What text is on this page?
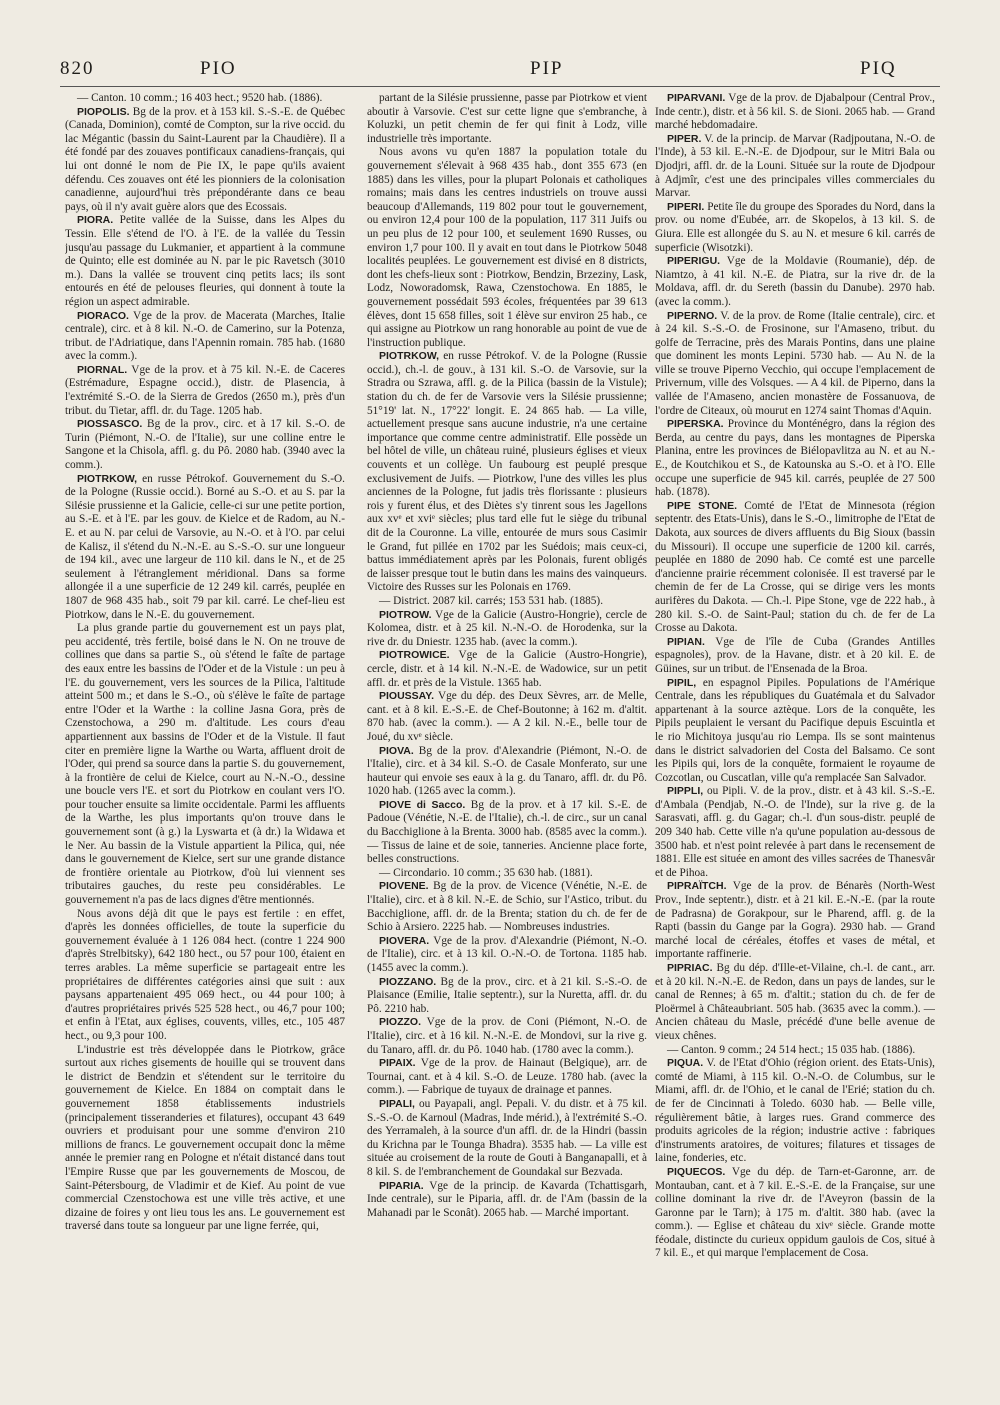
820	PIO	PIP	PIQ

— Canton. 10 comm.; 16 403 hect.; 9520 hab. (1886).

PIOPOLIS. Bg de la prov. et à 153 kil. S.-S.-E. de Québec (Canada, Dominion), comté de Compton, sur la rive occid. du lac Mégantic (bassin du Saint-Laurent par la Chaudière). Il a été fondé par des zouaves pontificaux canadiens-français, qui lui ont donné le nom de Pie IX, le pape qu'ils avaient défendu. Ces zouaves ont été les pionniers de la colonisation canadienne, aujourd'hui très prépondérante dans ce beau pays, où il n'y avait guère alors que des Ecossais.

PIORA. Petite vallée de la Suisse, dans les Alpes du Tessin. Elle s'étend de l'O. à l'E. de la vallée du Tessin jusqu'au passage du Lukmanier, et appartient à la commune de Quinto; elle est dominée au N. par le pic Ravetsch (3010 m.). Dans la vallée se trouvent cinq petits lacs; ils sont entourés en été de pelouses fleuries, qui donnent à toute la région un aspect admirable.

PIORACO. Vge de la prov. de Macerata (Marches, Italie centrale), circ. et à 8 kil. N.-O. de Camerino, sur la Potenza, tribut. de l'Adriatique, dans l'Apennin romain. 785 hab. (1680 avec la comm.).

PIORNAL. Vge de la prov. et à 75 kil. N.-E. de Caceres (Estrémadure, Espagne occid.), distr. de Plasencia, à l'extrémité S.-O. de la Sierra de Gredos (2650 m.), près d'un tribut. du Tietar, affl. dr. du Tage. 1205 hab.

PIOSSASCO. Bg de la prov., circ. et à 17 kil. S.-O. de Turin (Piémont, N.-O. de l'Italie), sur une colline entre le Sangone et la Chisola, affl. g. du Pô. 2080 hab. (3940 avec la comm.).

PIOTRKOW, en russe Pétrokof. Gouvernement du S.-O. de la Pologne (Russie occid.). Borné au S.-O. et au S. par la Silésie prussienne et la Galicie, celle-ci sur une petite portion, au S.-E. et à l'E. par les gouv. de Kielce et de Radom, au N.-E. et au N. par celui de Varsovie, au N.-O. et à l'O. par celui de Kalisz, il s'étend du N.-N.-E. au S.-S.-O. sur une longueur de 194 kil., avec une largeur de 110 kil. dans le N., et de 25 seulement à l'étranglement méridional. Dans sa forme allongée il a une superficie de 12 249 kil. carrés, peuplée en 1807 de 968 435 hab., soit 79 par kil. carré. Le chef-lieu est Piotrkow, dans le N.-E. du gouvernement.

La plus grande partie du gouvernement est un pays plat, peu accidenté, très fertile, boisé dans le N. On ne trouve de collines que dans sa partie S., où s'étend le faîte de partage des eaux entre les bassins de l'Oder et de la Vistule : un peu à l'E. du gouvernement, vers les sources de la Pilica, l'altitude atteint 500 m.; et dans le S.-O., où s'élève le faîte de partage entre l'Oder et la Warthe : la colline Jasna Gora, près de Czenstochowa, a 290 m. d'altitude. Les cours d'eau appartiennent aux bassins de l'Oder et de la Vistule. Il faut citer en première ligne la Warthe ou Warta, affluent droit de l'Oder, qui prend sa source dans la partie S. du gouvernement, à la frontière de celui de Kielce, court au N.-N.-O., dessine une boucle vers l'E. et sort du Piotrkow en coulant vers l'O. pour toucher ensuite sa limite occidentale. Parmi les affluents de la Warthe, les plus importants qu'on trouve dans le gouvernement sont (à g.) la Lyswarta et (à dr.) la Widawa et le Ner. Au bassin de la Vistule appartient la Pilica, qui, née dans le gouvernement de Kielce, sert sur une grande distance de frontière orientale au Piotrkow, d'où lui viennent ses tributaires gauches, du reste peu considérables. Le gouvernement n'a pas de lacs dignes d'être mentionnés.

Nous avons déjà dit que le pays est fertile : en effet, d'après les données officielles, de toute la superficie du gouvernement évaluée à 1 126 084 hect. (contre 1 224 900 d'après Strelbitsky), 642 180 hect., ou 57 pour 100, étaient en terres arables. La même superficie se partageait entre les propriétaires de différentes catégories ainsi que suit : aux paysans appartenaient 495 069 hect., ou 44 pour 100; à d'autres propriétaires privés 525 528 hect., ou 46,7 pour 100; et enfin à l'Etat, aux églises, couvents, villes, etc., 105 487 hect., ou 9,3 pour 100.

L'industrie est très développée dans le Piotrkow, grâce surtout aux riches gisements de houille qui se trouvent dans le district de Bendzin et s'étendent sur le territoire du gouvernement de Kielce. En 1884 on comptait dans le gouvernement 1858 établissements industriels (principalement tisseranderies et filatures), occupant 43 649 ouvriers et produisant pour une somme d'environ 210 millions de francs. Le gouvernement occupait donc la même année le premier rang en Pologne et n'était distancé dans tout l'Empire Russe que par les gouvernements de Moscou, de Saint-Pétersbourg, de Vladimir et de Kief. Au point de vue commercial Czenstochowa est une ville très active, et une dizaine de foires y ont lieu tous les ans. Le gouvernement est traversé dans toute sa longueur par une ligne ferrée, qui,

partant de la Silésie prussienne, passe par Piotrkow et vient aboutir à Varsovie. C'est sur cette ligne que s'embranche, à Koluzki, un petit chemin de fer qui finit à Lodz, ville industrielle très importante.

Nous avons vu qu'en 1887 la population totale du gouvernement s'élevait à 968 435 hab., dont 355 673 (en 1885) dans les villes, pour la plupart Polonais et catholiques romains; mais dans les centres industriels on trouve aussi beaucoup d'Allemands, 119 802 pour tout le gouvernement, ou environ 12,4 pour 100 de la population, 117 311 Juifs ou un peu plus de 12 pour 100, et seulement 1690 Russes, ou environ 1,7 pour 100. Il y avait en tout dans le Piotrkow 5048 localités peuplées. Le gouvernement est divisé en 8 districts, dont les chefs-lieux sont : Piotrkow, Bendzin, Brzeziny, Lask, Lodz, Noworadomsk, Rawa, Czenstochowa. En 1885, le gouvernement possédait 593 écoles, fréquentées par 39 613 élèves, dont 15 658 filles, soit 1 élève sur environ 25 hab., ce qui assigne au Piotrkow un rang honorable au point de vue de l'instruction publique.

PIOTRKOW, en russe Pétrokof. V. de la Pologne (Russie occid.), ch.-l. de gouv., à 131 kil. S.-O. de Varsovie, sur la Stradra ou Szrawa, affl. g. de la Pilica (bassin de la Vistule); station du ch. de fer de Varsovie vers la Silésie prussienne; 51°19' lat. N., 17°22' longit. E. 24 865 hab. — La ville, actuellement presque sans aucune industrie, n'a une certaine importance que comme centre administratif. Elle possède un bel hôtel de ville, un château ruiné, plusieurs églises et vieux couvents et un collège. Un faubourg est peuplé presque exclusivement de Juifs. — Piotrkow, l'une des villes les plus anciennes de la Pologne, fut jadis très florissante : plusieurs rois y furent élus, et des Diètes s'y tinrent sous les Jagellons aux xvᵉ et xviᵉ siècles; plus tard elle fut le siège du tribunal dit de la Couronne. La ville, entourée de murs sous Casimir le Grand, fut pillée en 1702 par les Suédois; mais ceux-ci, battus immédiatement après par les Polonais, furent obligés de laisser presque tout le butin dans les mains des vainqueurs. Victoire des Russes sur les Polonais en 1769.

— District. 2087 kil. carrés; 153 531 hab. (1885).

PIOTROW. Vge de la Galicie (Austro-Hongrie), cercle de Kolomea, distr. et à 25 kil. N.-N.-O. de Horodenka, sur la rive dr. du Dniestr. 1235 hab. (avec la comm.).

PIOTROWICE. Vge de la Galicie (Austro-Hongrie), cercle, distr. et à 14 kil. N.-N.-E. de Wadowice, sur un petit affl. dr. et près de la Vistule. 1365 hab.

PIOUSSAY. Vge du dép. des Deux Sèvres, arr. de Melle, cant. et à 8 kil. E.-S.-E. de Chef-Boutonne; à 162 m. d'altit. 870 hab. (avec la comm.). — A 2 kil. N.-E., belle tour de Joué, du xvᵉ siècle.

PIOVA. Bg de la prov. d'Alexandrie (Piémont, N.-O. de l'Italie), circ. et à 34 kil. S.-O. de Casale Monferato, sur une hauteur qui envoie ses eaux à la g. du Tanaro, affl. dr. du Pô. 1020 hab. (1265 avec la comm.).

PIOVE di Sacco. Bg de la prov. et à 17 kil. S.-E. de Padoue (Vénétie, N.-E. de l'Italie), ch.-l. de circ., sur un canal du Bacchiglione à la Brenta. 3000 hab. (8585 avec la comm.). — Tissus de laine et de soie, tanneries. Ancienne place forte, belles constructions.

— Circondario. 10 comm.; 35 630 hab. (1881).

PIOVENE. Bg de la prov. de Vicence (Vénétie, N.-E. de l'Italie), circ. et à 8 kil. N.-E. de Schio, sur l'Astico, tribut. du Bacchiglione, affl. dr. de la Brenta; station du ch. de fer de Schio à Arsiero. 2225 hab. — Nombreuses industries.

PIOVERA. Vge de la prov. d'Alexandrie (Piémont, N.-O. de l'Italie), circ. et à 13 kil. O.-N.-O. de Tortona. 1185 hab. (1455 avec la comm.).

PIOZZANO. Bg de la prov., circ. et à 21 kil. S.-S.-O. de Plaisance (Emilie, Italie septentr.), sur la Nuretta, affl. dr. du Pô. 2210 hab.

PIOZZO. Vge de la prov. de Coni (Piémont, N.-O. de l'Italie), circ. et à 16 kil. N.-N.-E. de Mondovi, sur la rive g. du Tanaro, affl. dr. du Pô. 1040 hab. (1780 avec la comm.).

PIPAIX. Vge de la prov. de Hainaut (Belgique), arr. de Tournai, cant. et à 4 kil. S.-O. de Leuze. 1780 hab. (avec la comm.). — Fabrique de tuyaux de drainage et pannes.

PIPALI, ou Payapali, angl. Pepali. V. du distr. et à 75 kil. S.-S.-O. de Karnoul (Madras, Inde mérid.), à l'extrémité S.-O. des Yerramaleh, à la source d'un affl. dr. de la Hindri (bassin du Krichna par le Tounga Bhadra). 3535 hab. — La ville est située au croisement de la route de Gouti à Banganapalli, et à 8 kil. S. de l'embranchement de Goundakal sur Bezvada.

PIPARIA. Vge de la princip. de Kavarda (Tchattisgarh, Inde centrale), sur le Piparia, affl. dr. de l'Am (bassin de la Mahanadi par le Sconât). 2065 hab. — Marché important.

PIPARVANI. Vge de la prov. de Djabalpour (Central Prov., Inde centr.), distr. et à 56 kil. S. de Sioni. 2065 hab. — Grand marché hebdomadaire.

PIPER. V. de la princip. de Marvar (Radjpoutana, N.-O. de l'Inde), à 53 kil. E.-N.-E. de Djodpour, sur le Mitri Bala ou Djodjri, affl. dr. de la Louni. Située sur la route de Djodpour à Adjmîr, c'est une des principales villes commerciales du Marvar.

PIPERI. Petite île du groupe des Sporades du Nord, dans la prov. ou nome d'Eubée, arr. de Skopelos, à 13 kil. S. de Giura. Elle est allongée du S. au N. et mesure 6 kil. carrés de superficie (Wisotzki).

PIPERIGU. Vge de la Moldavie (Roumanie), dép. de Niamtzo, à 41 kil. N.-E. de Piatra, sur la rive dr. de la Moldava, affl. dr. du Sereth (bassin du Danube). 2970 hab. (avec la comm.).

PIPERNO. V. de la prov. de Rome (Italie centrale), circ. et à 24 kil. S.-S.-O. de Frosinone, sur l'Amaseno, tribut. du golfe de Terracine, près des Marais Pontins, dans une plaine que dominent les monts Lepini. 5730 hab. — Au N. de la ville se trouve Piperno Vecchio, qui occupe l'emplacement de Privernum, ville des Volsques. — A 4 kil. de Piperno, dans la vallée de l'Amaseno, ancien monastère de Fossanuova, de l'ordre de Citeaux, où mourut en 1274 saint Thomas d'Aquin.

PIPERSKA. Province du Monténégro, dans la région des Berda, au centre du pays, dans les montagnes de Piperska Planina, entre les provinces de Biélopavlitza au N. et au N.-E., de Koutchikou et S., de Katounska au S.-O. et à l'O. Elle occupe une superficie de 945 kil. carrés, peuplée de 27 500 hab. (1878).

PIPE STONE. Comté de l'Etat de Minnesota (région septentr. des Etats-Unis), dans le S.-O., limitrophe de l'Etat de Dakota, aux sources de divers affluents du Big Sioux (bassin du Missouri). Il occupe une superficie de 1200 kil. carrés, peuplée en 1880 de 2090 hab. Ce comté est une parcelle d'ancienne prairie récemment colonisée. Il est traversé par le chemin de fer de La Crosse, qui se dirige vers les monts aurifères du Dakota. — Ch.-l. Pipe Stone, vge de 222 hab., à 280 kil. S.-O. de Saint-Paul; station du ch. de fer de La Crosse au Dakota.

PIPIAN. Vge de l'île de Cuba (Grandes Antilles espagnoles), prov. de la Havane, distr. et à 20 kil. E. de Güines, sur un tribut. de l'Ensenada de la Broa.

PIPIL, en espagnol Pipiles. Populations de l'Amérique Centrale, dans les républiques du Guatémala et du Salvador appartenant à la source aztèque. Lors de la conquête, les Pipils peuplaient le versant du Pacifique depuis Escuintla et le rio Michitoya jusqu'au rio Lempa. Ils se sont maintenus dans le district salvadorien del Costa del Balsamo. Ce sont les Pipils qui, lors de la conquête, formaient le royaume de Cozcotlan, ou Cuscatlan, ville qu'a remplacée San Salvador.

PIPPLI, ou Pipli. V. de la prov., distr. et à 43 kil. S.-S.-E. d'Ambala (Pendjab, N.-O. de l'Inde), sur la rive g. de la Sarasvati, affl. g. du Gagar; ch.-l. d'un sous-distr. peuplé de 209 340 hab. Cette ville n'a qu'une population au-dessous de 3500 hab. et n'est point relevée à part dans le recensement de 1881. Elle est située en amont des villes sacrées de Thanesvâr et de Pihoa.

PIPRAÏTCH. Vge de la prov. de Bénarès (North-West Prov., Inde septentr.), distr. et à 21 kil. E.-N.-E. (par la route de Padrasna) de Gorakpour, sur le Pharend, affl. g. de la Rapti (bassin du Gange par la Gogra). 2930 hab. — Grand marché local de céréales, étoffes et vases de métal, et importante raffinerie.

PIPRIAC. Bg du dép. d'Ille-et-Vilaine, ch.-l. de cant., arr. et à 20 kil. N.-N.-E. de Redon, dans un pays de landes, sur le canal de Rennes; à 65 m. d'altit.; station du ch. de fer de Ploërmel à Châteaubriant. 505 hab. (3635 avec la comm.). — Ancien château du Masle, précédé d'une belle avenue de vieux chênes.

— Canton. 9 comm.; 24 514 hect.; 15 035 hab. (1886).

PIQUA. V. de l'Etat d'Ohio (région orient. des Etats-Unis), comté de Miami, à 115 kil. O.-N.-O. de Columbus, sur le Miami, affl. dr. de l'Ohio, et le canal de l'Erié; station du ch. de fer de Cincinnati à Toledo. 6030 hab. — Belle ville, régulièrement bâtie, à larges rues. Grand commerce des produits agricoles de la région; industrie active : fabriques d'instruments aratoires, de voitures; filatures et tissages de laine, fonderies, etc.

PIQUECOS. Vge du dép. de Tarn-et-Garonne, arr. de Montauban, cant. et à 7 kil. E.-S.-E. de la Française, sur une colline dominant la rive dr. de l'Aveyron (bassin de la Garonne par le Tarn); à 175 m. d'altit. 380 hab. (avec la comm.). — Eglise et château du xivᵉ siècle. Grande motte féodale, distincte du curieux oppidum gaulois de Cos, situé à 7 kil. E., et qui marque l'emplacement de Cosa.
